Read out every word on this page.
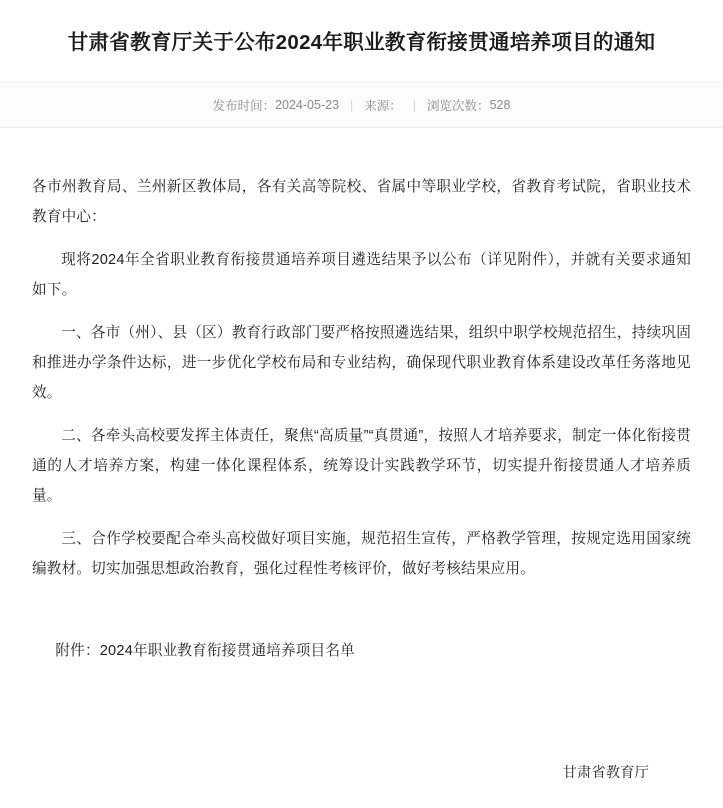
甘肃省教育厅关于公布2024年职业教育衔接贯通培养项目的通知
发布时间： 2024-05-23 | 来源： | 浏览次数： 528

各市州教育局、兰州新区教体局，各有关高等院校、省属中等职业学校，省教育考试院，省职业技术教育中心：

现将2024年全省职业教育衔接贯通培养项目遴选结果予以公布（详见附件），并就有关要求通知如下。

一、各市（州）、县（区）教育行政部门要严格按照遴选结果，组织中职学校规范招生，持续巩固和推进办学条件达标，进一步优化学校布局和专业结构，确保现代职业教育体系建设改革任务落地见效。

二、各牵头高校要发挥主体责任，聚焦“高质量”“真贯通”，按照人才培养要求，制定一体化衔接贯通的人才培养方案，构建一体化课程体系，统筹设计实践教学环节，切实提升衔接贯通人才培养质量。

三、合作学校要配合牵头高校做好项目实施，规范招生宣传，严格教学管理，按规定选用国家统编教材。切实加强思想政治教育，强化过程性考核评价，做好考核结果应用。

附件：2024年职业教育衔接贯通培养项目名单

甘肃省教育厅
